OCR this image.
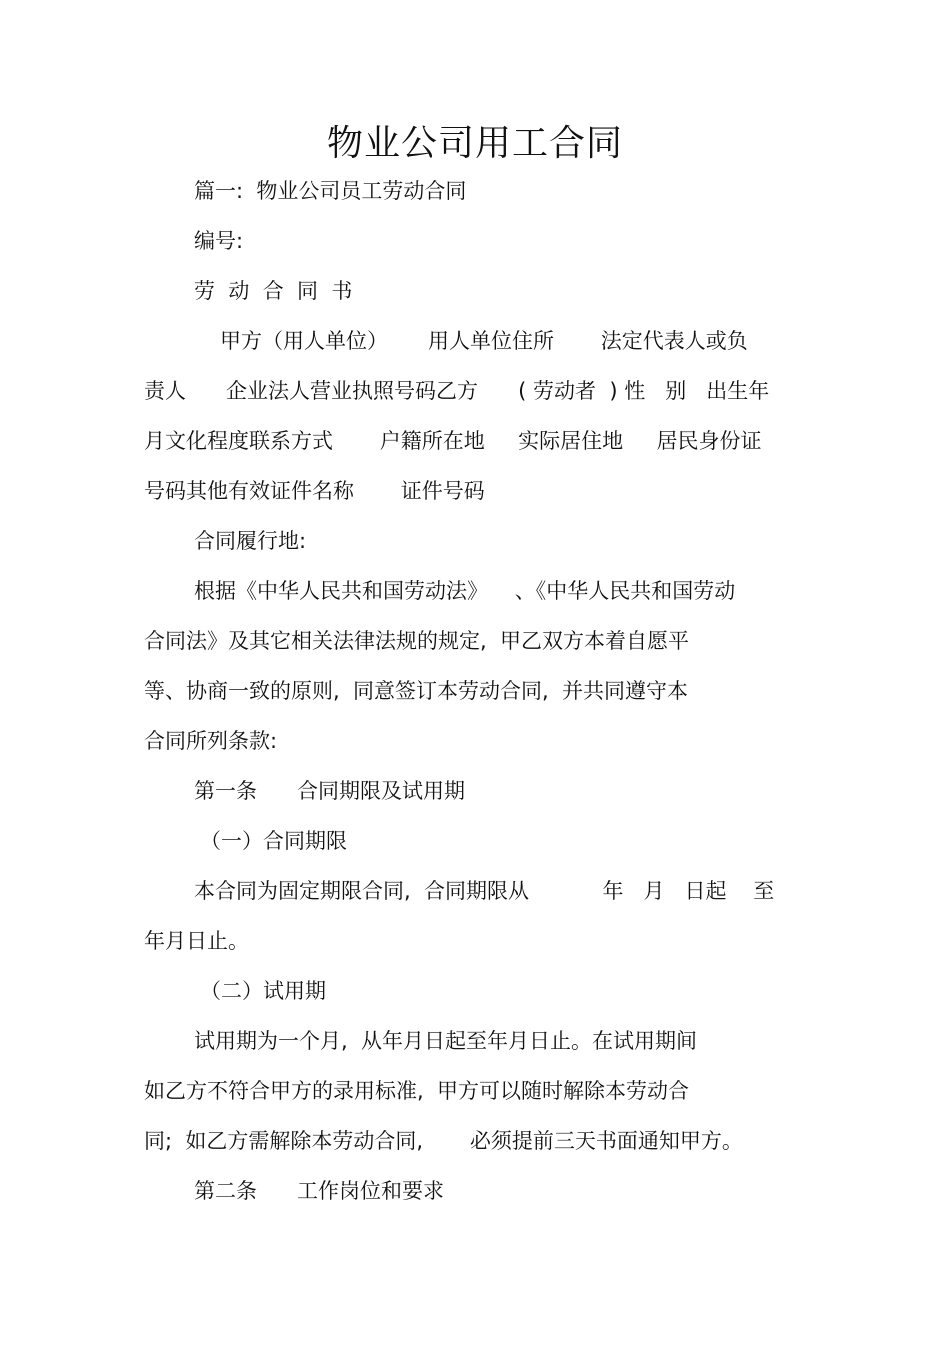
物业公司用工合同
篇一:  物业公司员工劳动合同
编号:
劳  动  合  同  书
甲方（用人单位）      用人单位住所       法定代表人或负
责人      企业法人营业执照号码乙方      ( 劳动者  ) 性   别   出生年
月文化程度联系方式       户籍所在地     实际居住地     居民身份证
号码其他有效证件名称       证件号码
合同履行地:
根据《中华人民共和国劳动法》    、《中华人民共和国劳动
合同法》及其它相关法律法规的规定,  甲乙双方本着自愿平
等、协商一致的原则,  同意签订本劳动合同,  并共同遵守本
合同所列条款:
第一条      合同期限及试用期
（一）合同期限
本合同为固定期限合同,  合同期限从           年   月   日起    至
年月日止。
（二）试用期
试用期为一个月,  从年月日起至年月日止。在试用期间
如乙方不符合甲方的录用标准,  甲方可以随时解除本劳动合
同;  如乙方需解除本劳动合同,       必须提前三天书面通知甲方。
第二条      工作岗位和要求
